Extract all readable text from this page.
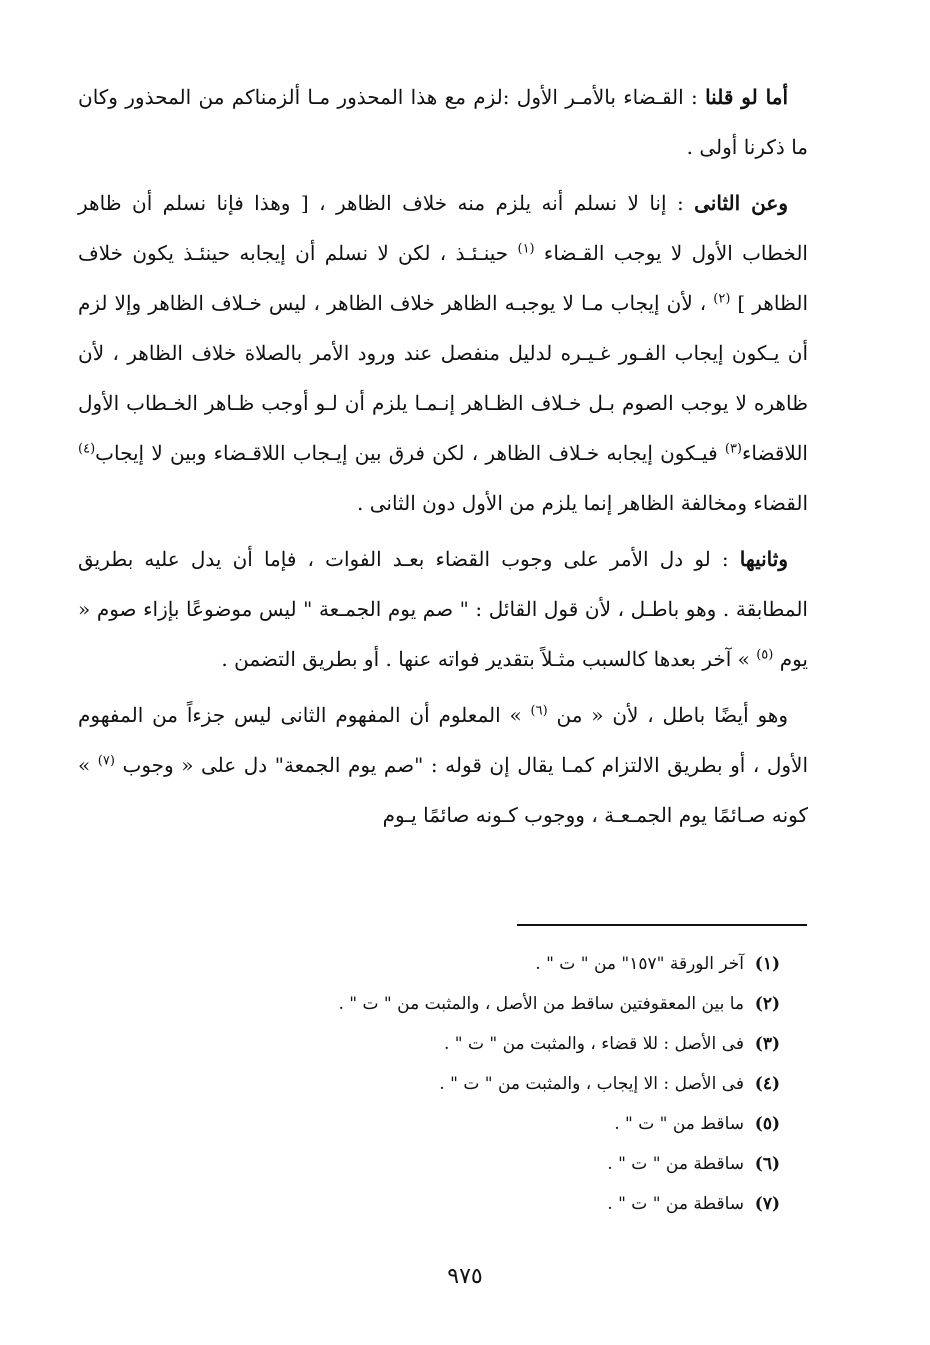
أما لو قلنا : القـضاء بالأمـر الأول :لزم مع هذا المحذور مـا ألزمناكم من المحذور وكان ما ذكرنا أولى .

وعن الثانى : إنا لا نسلم أنه يلزم منه خلاف الظاهر ، [ وهذا فإنا نسلم أن ظاهر الخطاب الأول لا يوجب القـضاء $^{(١)}$ حينـئـذ ، لكن لا نسلم أن إيجابه حينئـذ يكون خلاف الظاهر ] $^{(٢)}$ ، لأن إيجاب مـا لا يوجبـه الظاهر خلاف الظاهر ، ليس خـلاف الظاهر وإلا لزم أن يـكون إيجاب الفـور غـيـره لدليل منفصل عند ورود الأمر بالصلاة خلاف الظاهر ، لأن ظاهره لا يوجب الصوم بـل خـلاف الظـاهر إنـمـا يلزم أن لـو أوجب ظـاهر الخـطاب الأول اللاقضاء$^{(٣)}$ فيـكون إيجابه خـلاف الظاهر ، لكن فرق بين إيـجاب اللاقـضاء وبين لا إيجاب$^{(٤)}$ القضاء ومخالفة الظاهر إنما يلزم من الأول دون الثانى .

وثانيها : لو دل الأمر على وجوب القضاء بعـد الفوات ، فإما أن يدل عليه بطريق المطابقة . وهو باطـل ، لأن قول القائل : " صم يوم الجمـعة " ليس موضوعًا بإزاء صوم « يوم $^{(٥)}$ » آخر بعدها كالسبب مثـلاً بتقدير فواته عنها . أو بطريق التضمن .

وهو أيضًا باطل ، لأن « من $^{(٦)}$ » المعلوم أن المفهوم الثانى ليس جزءاً من المفهوم الأول ، أو بطريق الالتزام كمـا يقال إن قوله : "صم يوم الجمعة" دل على « وجوب $^{(٧)}$ » كونه صـائمًا يوم الجمـعـة ، ووجوب كـونه صائمًا يـوم

(١)
آخر الورقة "١٥٧" من " ت " .
(٢)
ما بين المعقوفتين ساقط من الأصل ، والمثبت من " ت " .
(٣)
فى الأصل : للا قضاء ، والمثبت من " ت " .
(٤)
فى الأصل : الا إيجاب ، والمثبت من " ت " .
(٥)
ساقط من " ت " .
(٦)
ساقطة من " ت " .
(٧)
ساقطة من " ت " .
٩٧٥
